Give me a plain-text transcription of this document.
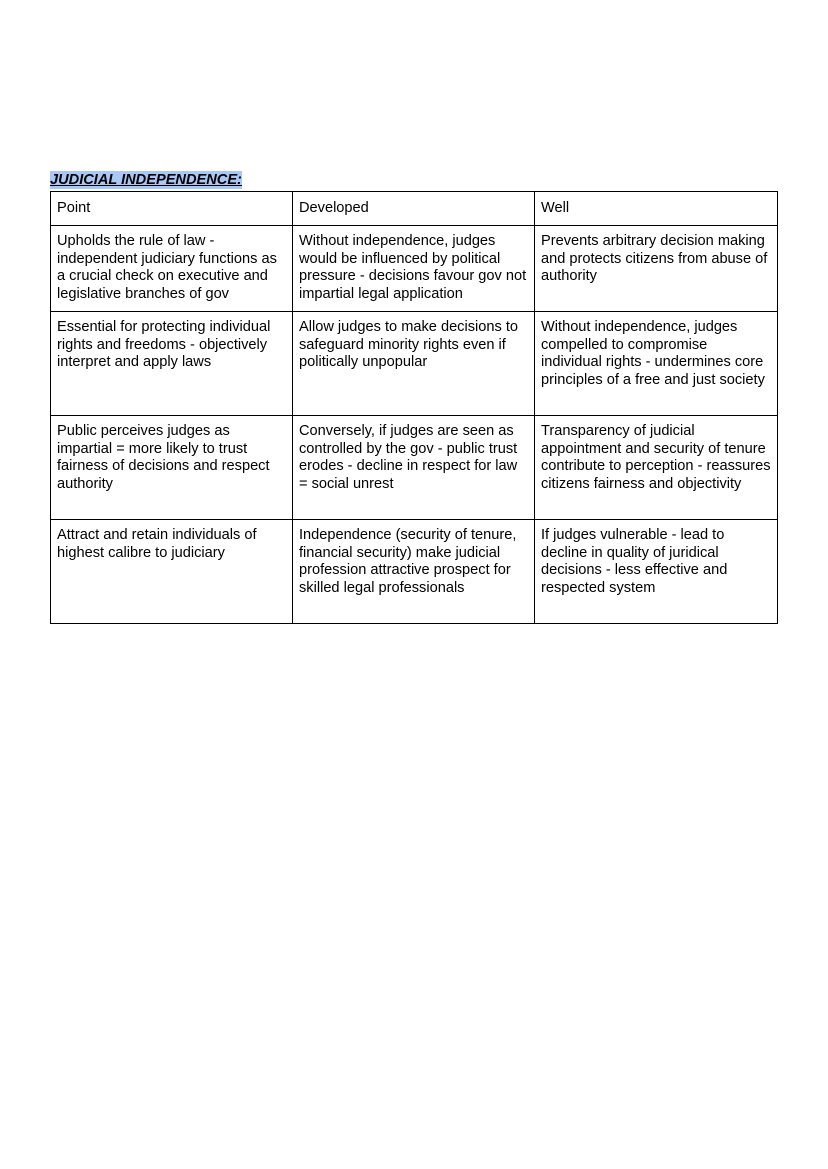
JUDICIAL INDEPENDENCE:
Point	Developed	Well
Upholds the rule of law - independent judiciary functions as a crucial check on executive and legislative branches of gov	Without independence, judges would be influenced by political pressure - decisions favour gov not impartial legal application	Prevents arbitrary decision making and protects citizens from abuse of authority
Essential for protecting individual rights and freedoms - objectively interpret and apply laws	Allow judges to make decisions to safeguard minority rights even if politically unpopular	Without independence, judges compelled to compromise individual rights - undermines core principles of a free and just society
Public perceives judges as impartial = more likely to trust fairness of decisions and respect authority	Conversely, if judges are seen as controlled by the gov - public trust erodes - decline in respect for law = social unrest	Transparency of judicial appointment and security of tenure contribute to perception - reassures citizens fairness and objectivity
Attract and retain individuals of highest calibre to judiciary	Independence (security of tenure, financial security) make judicial profession attractive prospect for skilled legal professionals	If judges vulnerable - lead to decline in quality of juridical decisions - less effective and respected system
